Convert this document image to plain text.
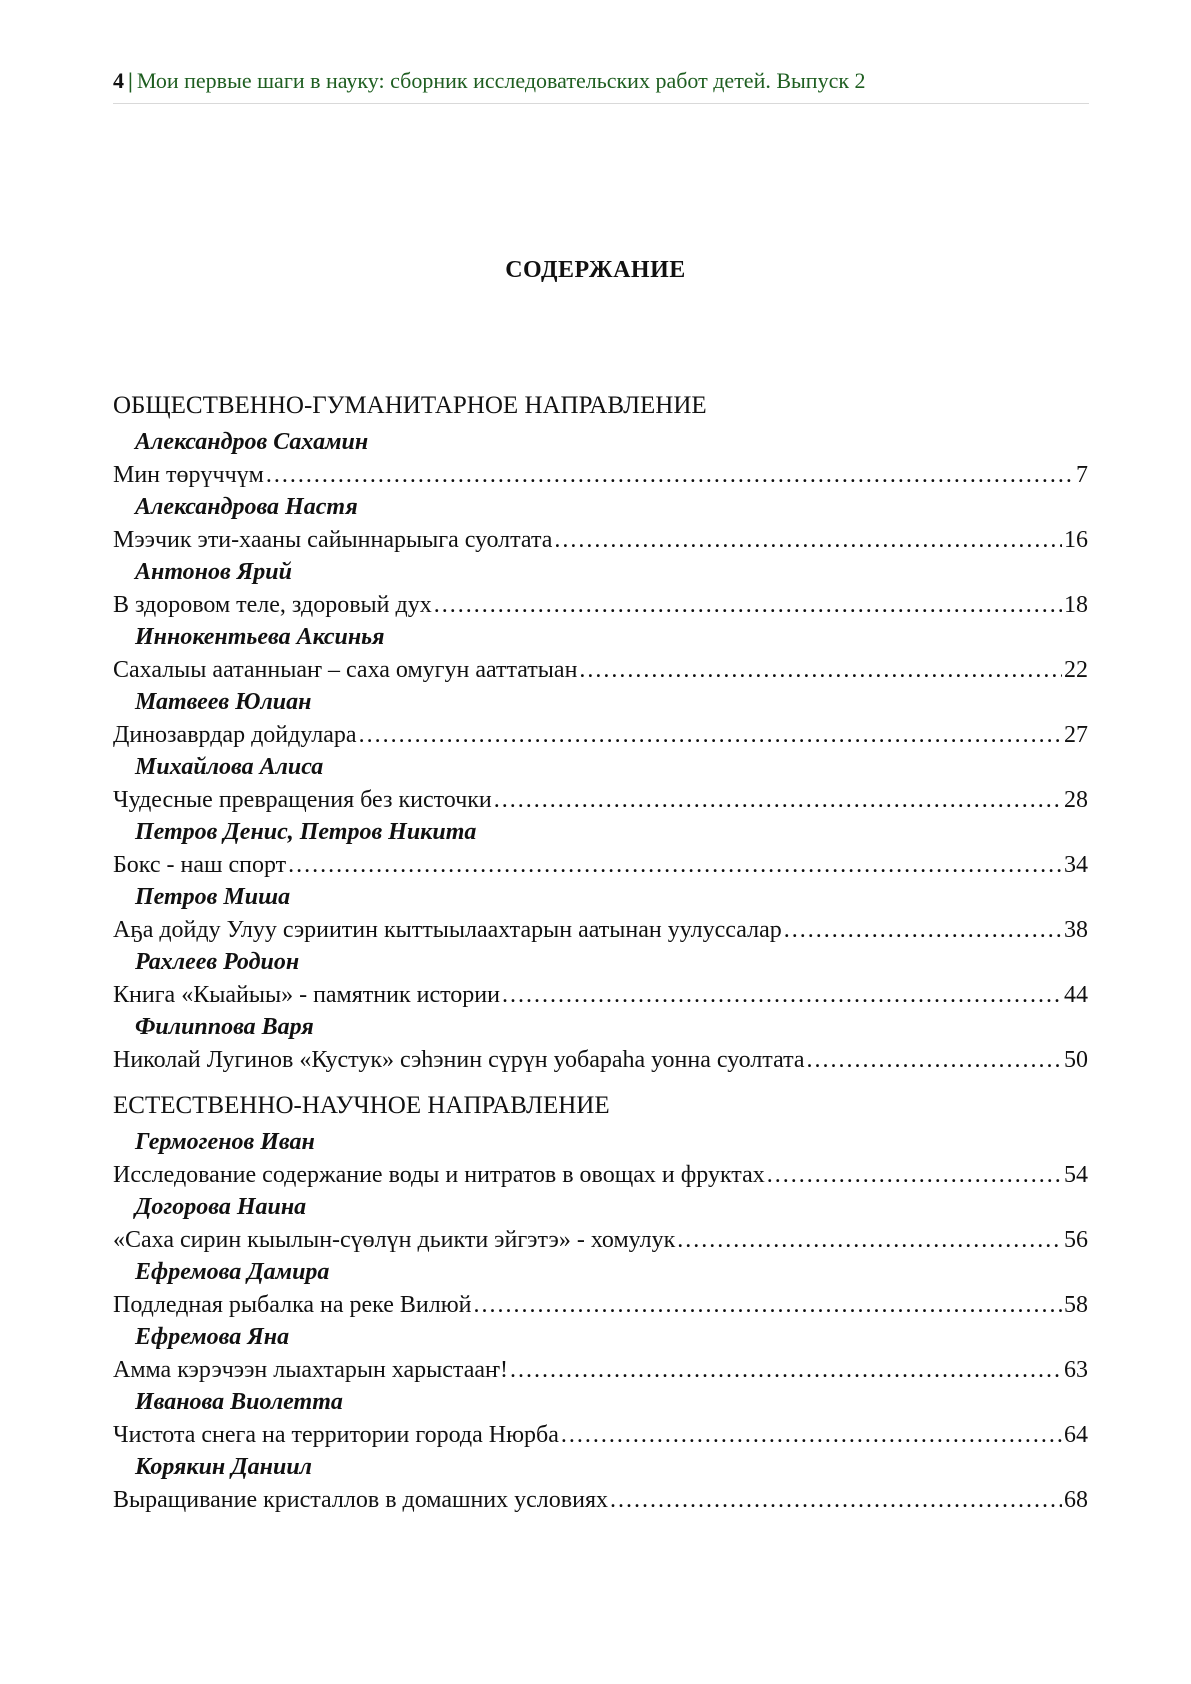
4 | Мои первые шаги в науку: сборник исследовательских работ детей. Выпуск 2
СОДЕРЖАНИЕ
ОБЩЕСТВЕННО-ГУМАНИТАРНОЕ НАПРАВЛЕНИЕ
Александров Сахамин
Мин төрүччүм . . .	7
Александрова Настя
Мээчик эти-хааны сайыннарыыга суолтата . . .	16
Антонов Ярий
В здоровом теле, здоровый дух . . .	18
Иннокентьева Аксинья
Сахалыы аатанныаҥ – саха омугун ааттатыан . . .	22
Матвеев Юлиан
Динозаврдар дойдулара . . .	27
Михайлова Алиса
Чудесные превращения без кисточки . . .	28
Петров Денис, Петров Никита
Бокс - наш спорт . . .	34
Петров Миша
Аҕа дойду Улуу сэриитин кыттыылаахтарын аатынан уулуссалар . . .	38
Рахлеев Родион
Книга «Кыайыы» - памятник истории . . .	44
Филиппова Варя
Николай Лугинов «Кустук» сэһэнин сүрүн уобараһа уонна суолтата . . .	50
ЕСТЕСТВЕННО-НАУЧНОЕ НАПРАВЛЕНИЕ
Гермогенов Иван
Исследование содержание воды и нитратов в овощах и фруктах . . .	54
Догорова Наина
«Саха сирин кыылын-сүөлүн дьикти эйгэтэ» - хомулук . . .	56
Ефремова Дамира
Подледная рыбалка на реке Вилюй . . .	58
Ефремова Яна
Амма кэрэчээн лыахтарын харыстааҥ! . . .	63
Иванова Виолетта
Чистота снега на территории города Нюрба . . .	64
Корякин Даниил
Выращивание кристаллов в домашних условиях . . .	68
